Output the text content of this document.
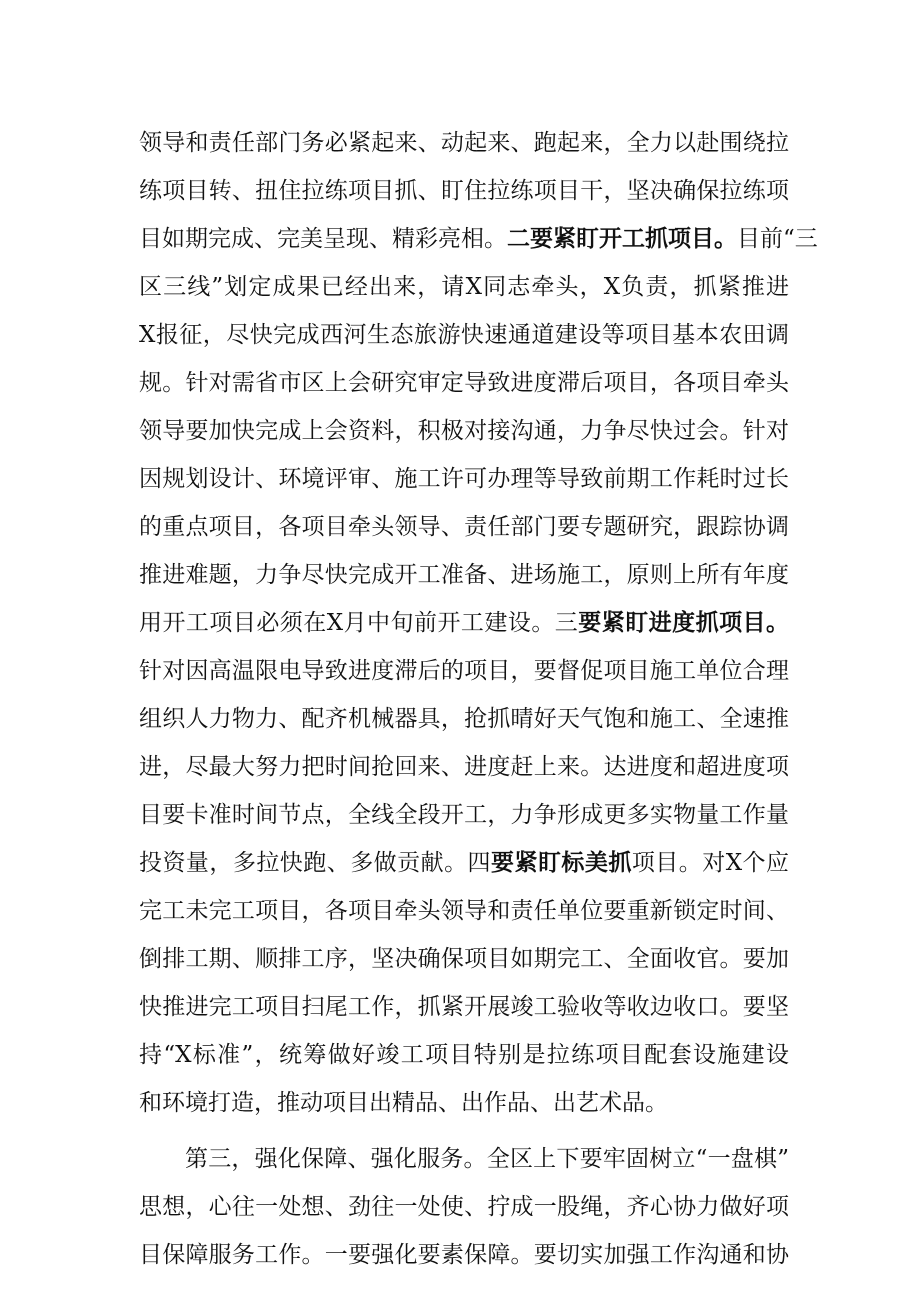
领导和责任部门务必紧起来、动起来、跑起来，全力以赴围绕拉
练项目转、扭住拉练项目抓、盯住拉练项目干，坚决确保拉练项
目如期完成、完美呈现、精彩亮相。二要紧盯开工抓项目。目前“三
区三线”划定成果已经出来，请X同志牵头，X负责，抓紧推进
X报征，尽快完成西河生态旅游快速通道建设等项目基本农田调
规。针对需省市区上会研究审定导致进度滞后项目，各项目牵头
领导要加快完成上会资料，积极对接沟通，力争尽快过会。针对
因规划设计、环境评审、施工许可办理等导致前期工作耗时过长
的重点项目，各项目牵头领导、责任部门要专题研究，跟踪协调
推进难题，力争尽快完成开工准备、进场施工，原则上所有年度
用开工项目必须在X月中旬前开工建设。三要紧盯进度抓项目。
针对因高温限电导致进度滞后的项目，要督促项目施工单位合理
组织人力物力、配齐机械器具，抢抓晴好天气饱和施工、全速推
进，尽最大努力把时间抢回来、进度赶上来。达进度和超进度项
目要卡准时间节点，全线全段开工，力争形成更多实物量工作量
投资量，多拉快跑、多做贡献。四要紧盯标美抓项目。对X个应
完工未完工项目，各项目牵头领导和责任单位要重新锁定时间、
倒排工期、顺排工序，坚决确保项目如期完工、全面收官。要加
快推进完工项目扫尾工作，抓紧开展竣工验收等收边收口。要坚
持“X标准”，统筹做好竣工项目特别是拉练项目配套设施建设
和环境打造，推动项目出精品、出作品、出艺术品。
第三，强化保障、强化服务。全区上下要牢固树立“一盘棋”
思想，心往一处想、劲往一处使、拧成一股绳，齐心协力做好项
目保障服务工作。一要强化要素保障。要切实加强工作沟通和协
